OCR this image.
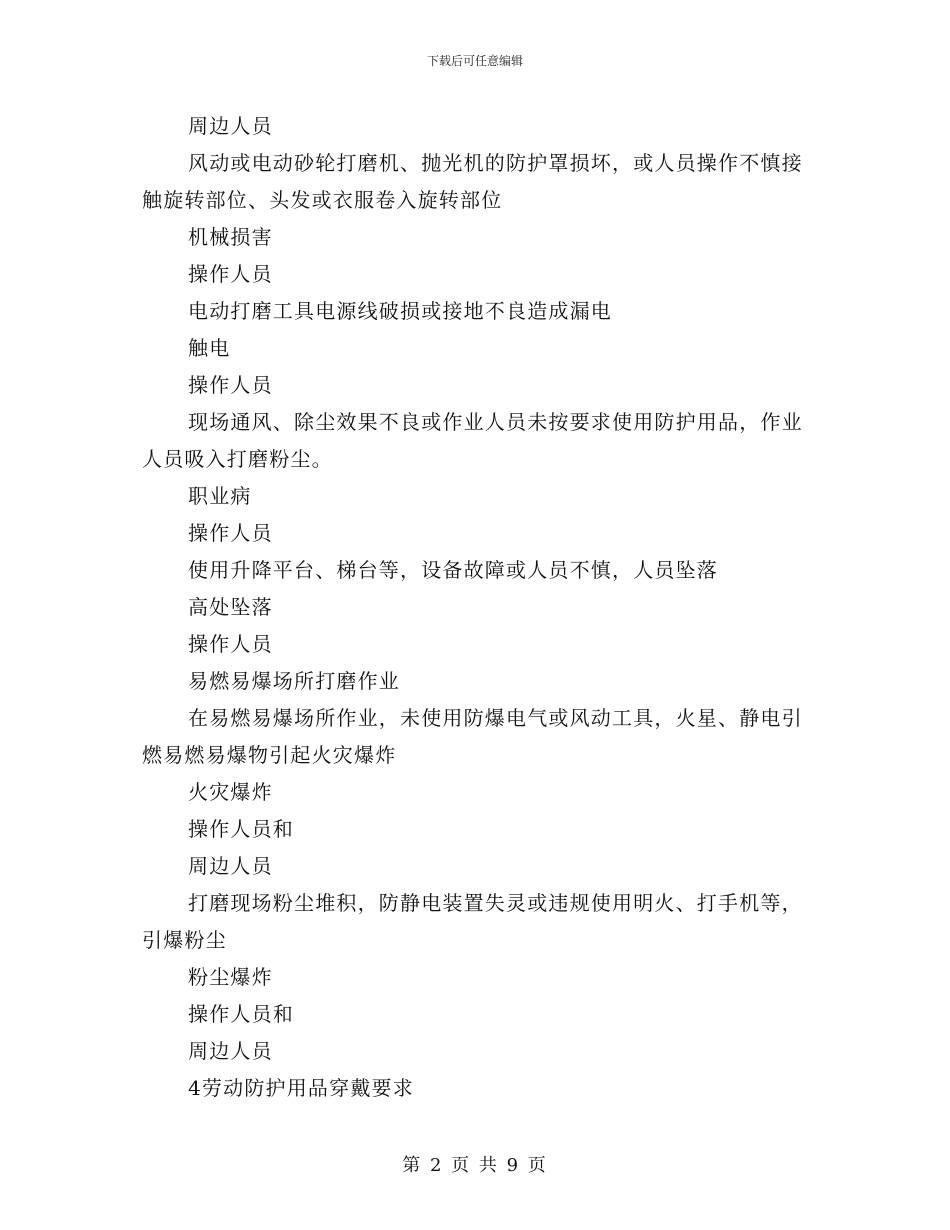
下载后可任意编辑

周边人员

风动或电动砂轮打磨机、抛光机的防护罩损坏，或人员操作不慎接触旋转部位、头发或衣服卷入旋转部位

机械损害

操作人员

电动打磨工具电源线破损或接地不良造成漏电

触电

操作人员

现场通风、除尘效果不良或作业人员未按要求使用防护用品，作业人员吸入打磨粉尘。

职业病

操作人员

使用升降平台、梯台等，设备故障或人员不慎，人员坠落

高处坠落

操作人员

易燃易爆场所打磨作业

在易燃易爆场所作业，未使用防爆电气或风动工具，火星、静电引燃易燃易爆物引起火灾爆炸

火灾爆炸

操作人员和

周边人员

打磨现场粉尘堆积，防静电装置失灵或违规使用明火、打手机等，引爆粉尘

粉尘爆炸

操作人员和

周边人员

4劳动防护用品穿戴要求

第 2 页 共 9 页
